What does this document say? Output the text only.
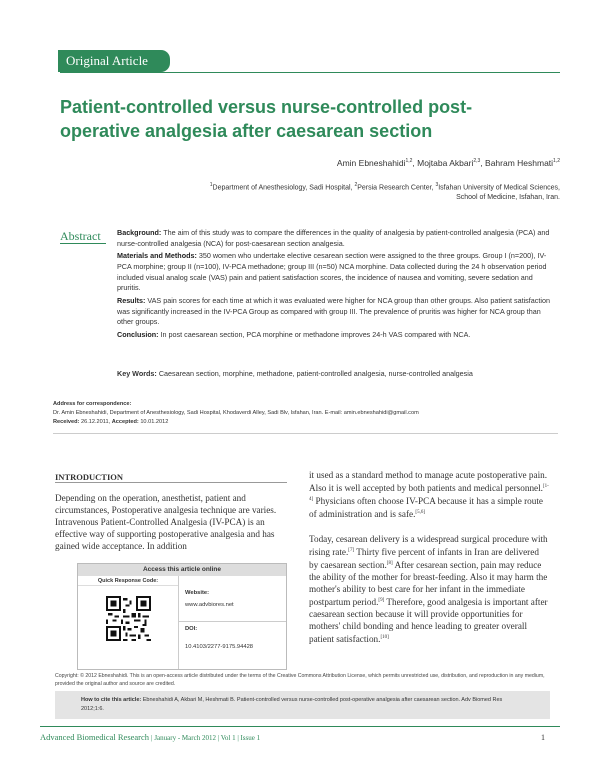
Original Article
Patient-controlled versus nurse-controlled post-operative analgesia after caesarean section
Amin Ebneshahidi$^{1,2}$, Mojtaba Akbari$^{2,3}$, Bahram Heshmati$^{1,2}$
$^1$Department of Anesthesiology, Sadi Hospital, $^2$Persia Research Center, $^3$Isfahan University of Medical Sciences,
School of Medicine, Isfahan, Iran.
Abstract Background: The aim of this study was to compare the differences in the quality of analgesia by patient-controlled analgesia (PCA) and nurse-controlled analgesia (NCA) for post-caesarean section analgesia.

Materials and Methods: 350 women who undertake elective cesarean section were assigned to the three groups. Group I (n=200), IV-PCA morphine; group II (n=100), IV-PCA methadone; group III (n=50) NCA morphine. Data collected during the 24 h observation period included visual analog scale (VAS) pain and patient satisfaction scores, the incidence of nausea and vomiting, severe sedation and pruritis.

Results: VAS pain scores for each time at which it was evaluated were higher for NCA group than other groups. Also patient satisfaction was significantly increased in the IV-PCA Group as compared with group III. The prevalence of pruritis was higher for NCA group than other groups.

Conclusion: In post caesarean section, PCA morphine or methadone improves 24-h VAS compared with NCA.

Key Words: Caesarean section, morphine, methadone, patient-controlled analgesia, nurse-controlled analgesia
Address for correspondence:
Dr. Amin Ebneshahidi, Department of Anesthesiology, Sadi Hospital, Khodaverdi Alley, Sadi Blv, Isfahan, Iran. E-mail: amin.ebneshahidi@gmail.com
Received: 26.12.2011, Accepted: 10.01.2012
INTRODUCTION
Depending on the operation, anesthetist, patient and circumstances, Postoperative analgesia technique are varies. Intravenous Patient-Controlled Analgesia (IV-PCA) is an effective way of supporting postoperative analgesia and has gained wide acceptance. In addition

it used as a standard method to manage acute postoperative pain. Also it is well accepted by both patients and medical personnel.[1-4] Physicians often choose IV-PCA because it has a simple route of administration and is safe.[5,6]

Today, cesarean delivery is a widespread surgical procedure with rising rate.[7] Thirty five percent of infants in Iran are delivered by caesarean section.[8] After cesarean section, pain may reduce the ability of the mother for breast-feeding. Also it may harm the mother's ability to best care for her infant in the immediate postpartum period.[9] Therefore, good analgesia is important after caesarean section because it will provide opportunities for mothers' child bonding and hence leading to greater overall patient satisfaction.[10]

Access this article online
Quick Response Code:
Website:
www.advbiores.net
DOI:
10.4103/2277-9175.94428
Copyright: © 2012 Ebneshahidi. This is an open-access article distributed under the terms of the Creative Commons Attribution License, which permits unrestricted use, distribution, and reproduction in any medium, provided the original author and source are credited.
How to cite this article: Ebneshahidi A, Akbari M, Heshmati B. Patient-controlled versus nurse-controlled post-operative analgesia after caesarean section. Adv Biomed Res 2012;1:6.
Advanced Biomedical Research | January - March 2012 | Vol 1 | Issue 1	1
